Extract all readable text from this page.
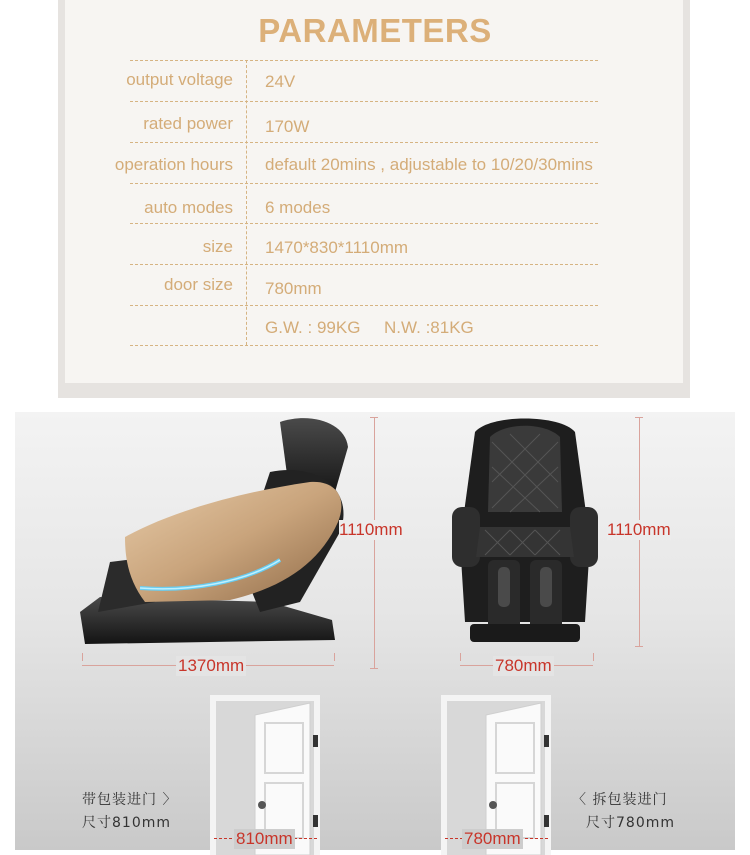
PARAMETERS
output voltage 24V
rated power 170W
operation hours default 20mins , adjustable to 10/20/30mins
auto modes 6 modes
size 1470*830*1110mm
door size 780mm
G.W. : 99KG     N.W. :81KG
1110mm
1370mm
1110mm
780mm
810mm	780mm
带包装进门 〉
尺寸810mm
〈 拆包装进门
尺寸780mm
